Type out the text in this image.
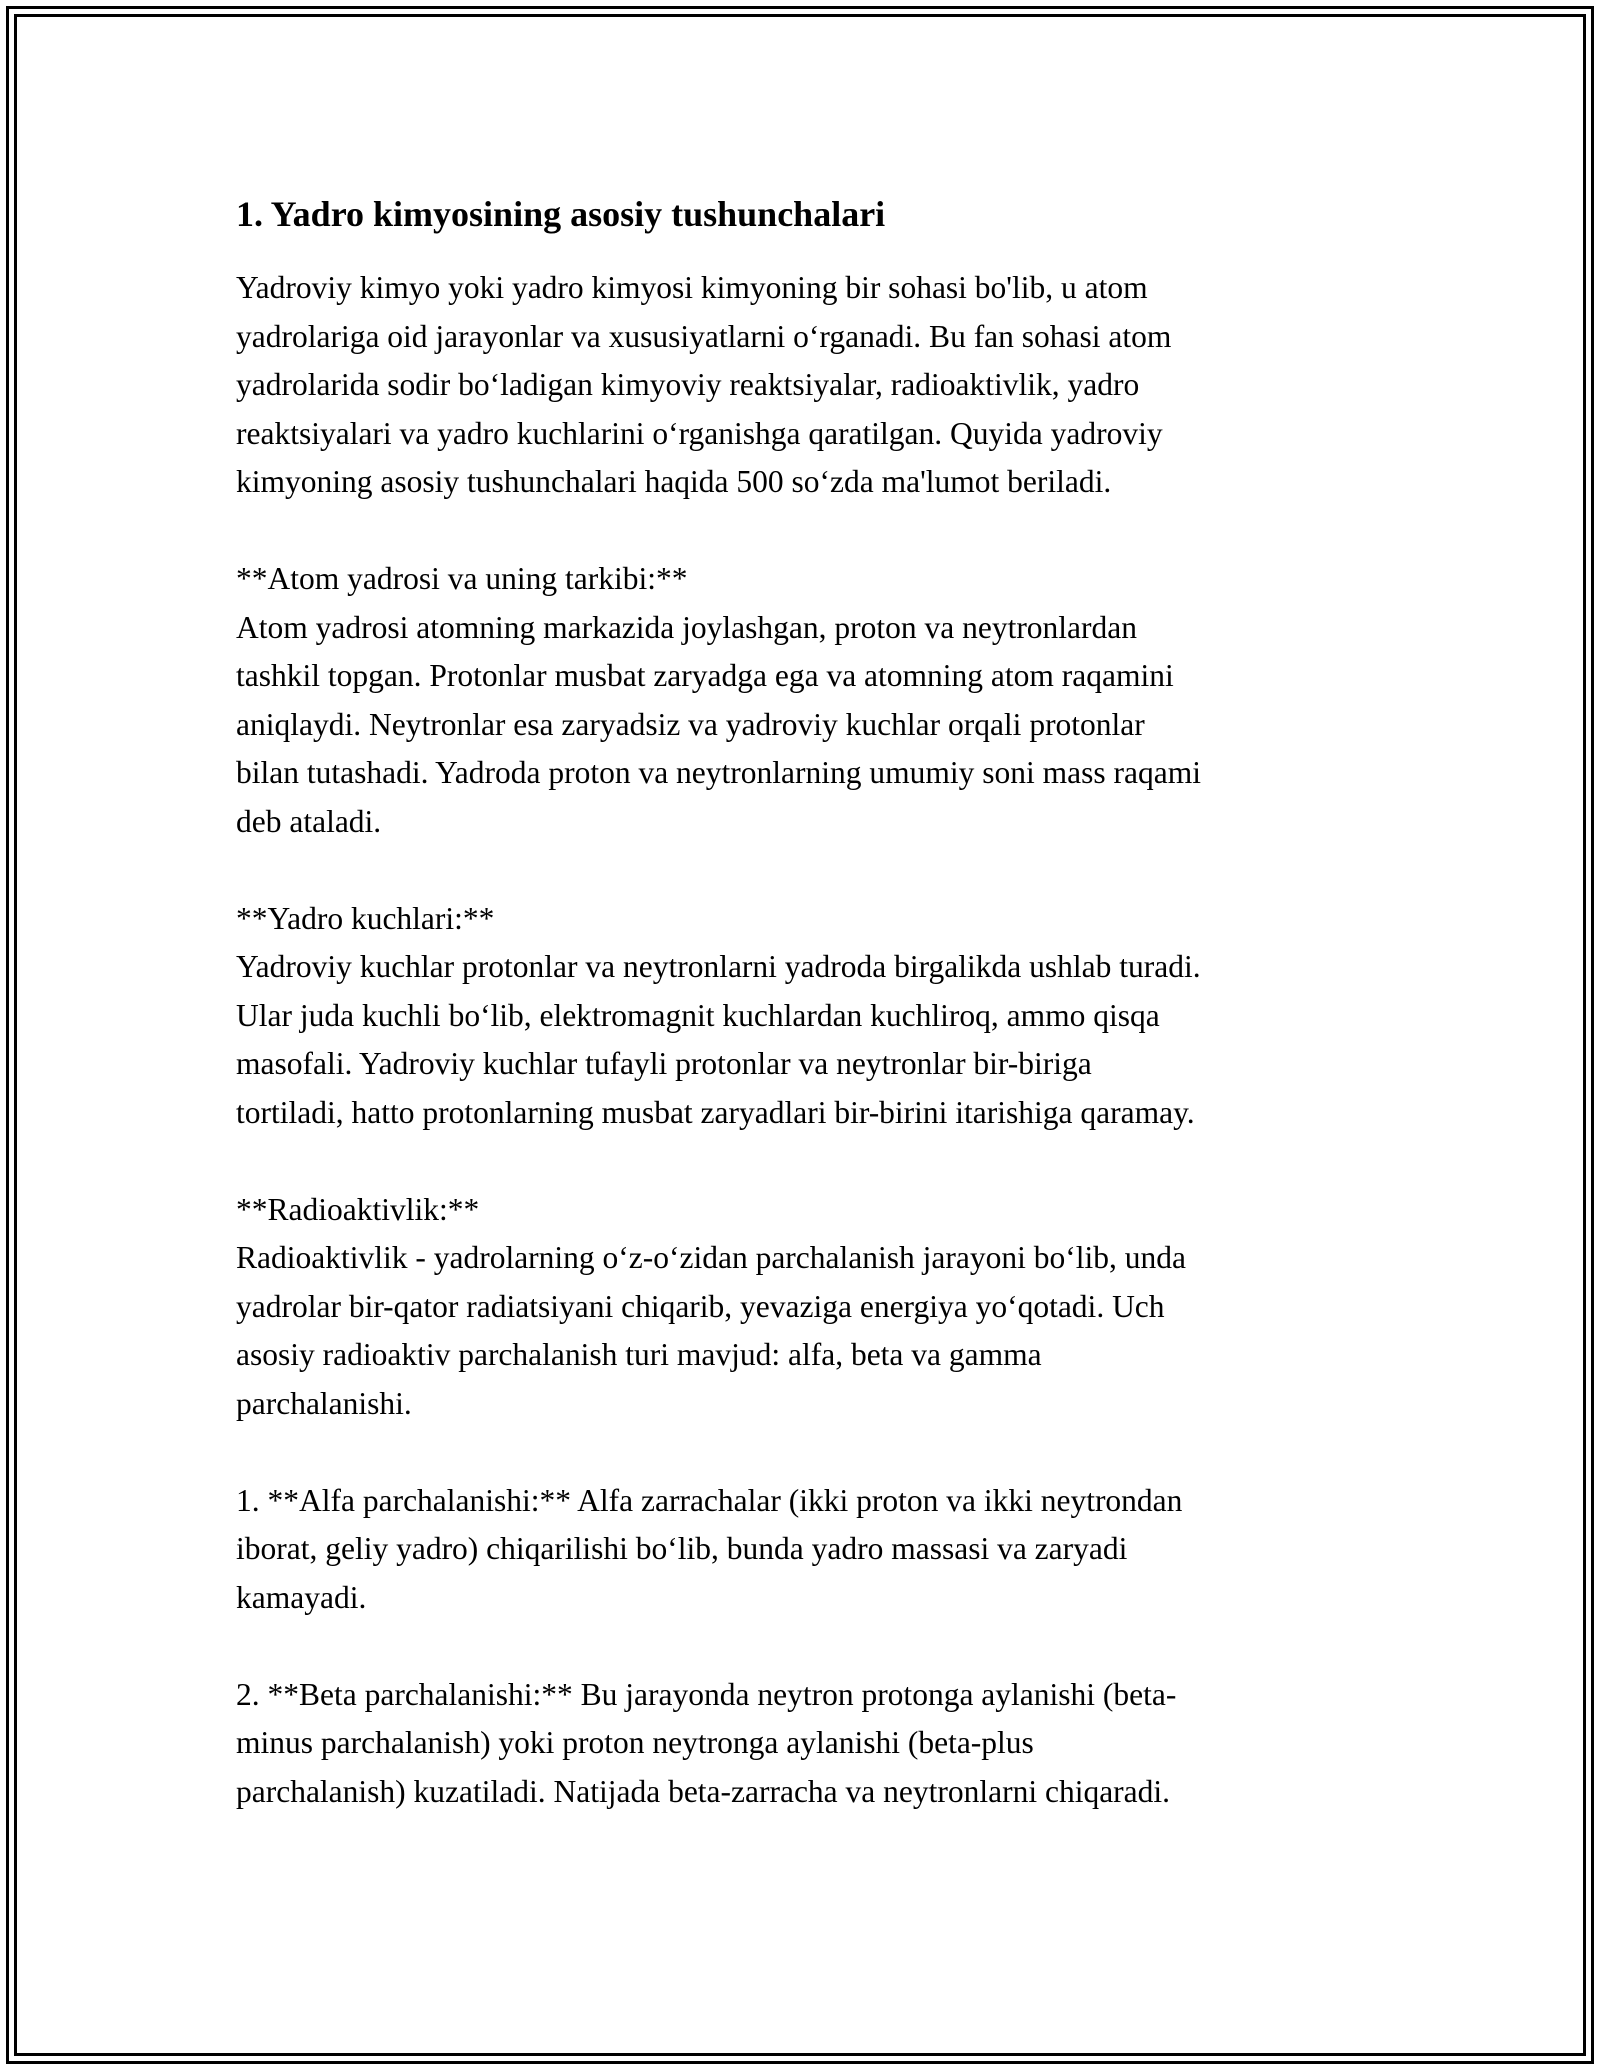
1. Yadro kimyosining asosiy tushunchalari

Yadroviy kimyo yoki yadro kimyosi kimyoning bir sohasi bo'lib, u atom
yadrolariga oid jarayonlar va xususiyatlarni o‘rganadi. Bu fan sohasi atom
yadrolarida sodir bo‘ladigan kimyoviy reaktsiyalar, radioaktivlik, yadro
reaktsiyalari va yadro kuchlarini o‘rganishga qaratilgan. Quyida yadroviy
kimyoning asosiy tushunchalari haqida 500 so‘zda ma'lumot beriladi.

**Atom yadrosi va uning tarkibi:**

Atom yadrosi atomning markazida joylashgan, proton va neytronlardan
tashkil topgan. Protonlar musbat zaryadga ega va atomning atom raqamini
aniqlaydi. Neytronlar esa zaryadsiz va yadroviy kuchlar orqali protonlar
bilan tutashadi. Yadroda proton va neytronlarning umumiy soni mass raqami
deb ataladi.

**Yadro kuchlari:**

Yadroviy kuchlar protonlar va neytronlarni yadroda birgalikda ushlab turadi.
Ular juda kuchli bo‘lib, elektromagnit kuchlardan kuchliroq, ammo qisqa
masofali. Yadroviy kuchlar tufayli protonlar va neytronlar bir-biriga
tortiladi, hatto protonlarning musbat zaryadlari bir-birini itarishiga qaramay.

**Radioaktivlik:**

Radioaktivlik - yadrolarning o‘z-o‘zidan parchalanish jarayoni bo‘lib, unda
yadrolar bir-qator radiatsiyani chiqarib, yevaziga energiya yo‘qotadi. Uch
asosiy radioaktiv parchalanish turi mavjud: alfa, beta va gamma
parchalanishi.

1. **Alfa parchalanishi:** Alfa zarrachalar (ikki proton va ikki neytrondan
iborat, geliy yadro) chiqarilishi bo‘lib, bunda yadro massasi va zaryadi
kamayadi.

2. **Beta parchalanishi:** Bu jarayonda neytron protonga aylanishi (beta-
minus parchalanish) yoki proton neytronga aylanishi (beta-plus
parchalanish) kuzatiladi. Natijada beta-zarracha va neytronlarni chiqaradi.
